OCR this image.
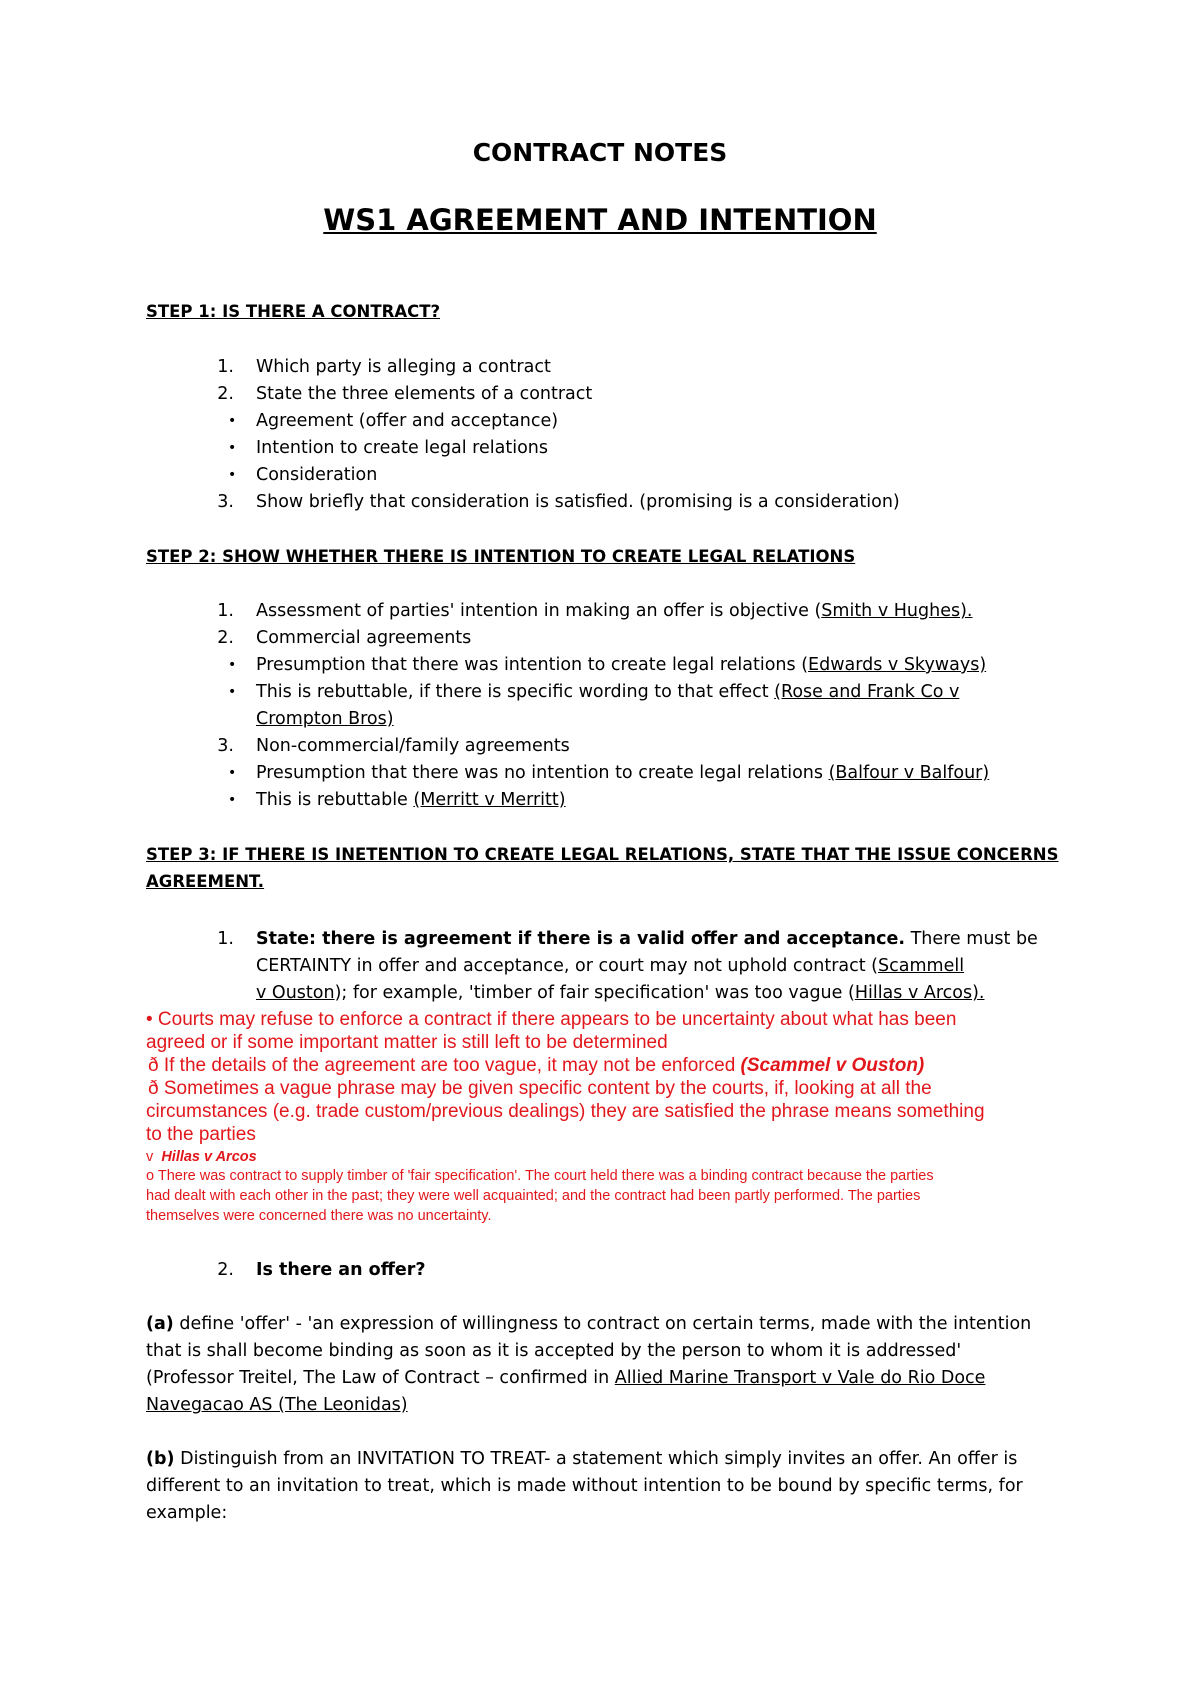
CONTRACT NOTES
WS1 AGREEMENT AND INTENTION
STEP 1: IS THERE A CONTRACT?
1. Which party is alleging a contract
2. State the three elements of a contract
• Agreement (offer and acceptance)
• Intention to create legal relations
• Consideration
3. Show briefly that consideration is satisfied. (promising is a consideration)
STEP 2: SHOW WHETHER THERE IS INTENTION TO CREATE LEGAL RELATIONS
1. Assessment of parties' intention in making an offer is objective (Smith v Hughes).
2. Commercial agreements
• Presumption that there was intention to create legal relations (Edwards v Skyways)
• This is rebuttable, if there is specific wording to that effect (Rose and Frank Co v
Crompton Bros)
3. Non-commercial/family agreements
• Presumption that there was no intention to create legal relations (Balfour v Balfour)
• This is rebuttable (Merritt v Merritt)
STEP 3: IF THERE IS INETENTION TO CREATE LEGAL RELATIONS, STATE THAT THE ISSUE CONCERNS
AGREEMENT.
1. State: there is agreement if there is a valid offer and acceptance. There must be
CERTAINTY in offer and acceptance, or court may not uphold contract (Scammell
v Ouston); for example, 'timber of fair specification' was too vague (Hillas v Arcos).
• Courts may refuse to enforce a contract if there appears to be uncertainty about what has been
agreed or if some important matter is still left to be determined
ð If the details of the agreement are too vague, it may not be enforced (Scammel v Ouston)
ð Sometimes a vague phrase may be given specific content by the courts, if, looking at all the
circumstances (e.g. trade custom/previous dealings) they are satisfied the phrase means something
to the parties
v Hillas v Arcos
o There was contract to supply timber of 'fair specification'. The court held there was a binding contract because the parties
had dealt with each other in the past; they were well acquainted; and the contract had been partly performed. The parties
themselves were concerned there was no uncertainty.
2. Is there an offer?
(a) define 'offer' - 'an expression of willingness to contract on certain terms, made with the intention
that is shall become binding as soon as it is accepted by the person to whom it is addressed'
(Professor Treitel, The Law of Contract – confirmed in Allied Marine Transport v Vale do Rio Doce
Navegacao AS (The Leonidas)
(b) Distinguish from an INVITATION TO TREAT- a statement which simply invites an offer. An offer is
different to an invitation to treat, which is made without intention to be bound by specific terms, for
example:
